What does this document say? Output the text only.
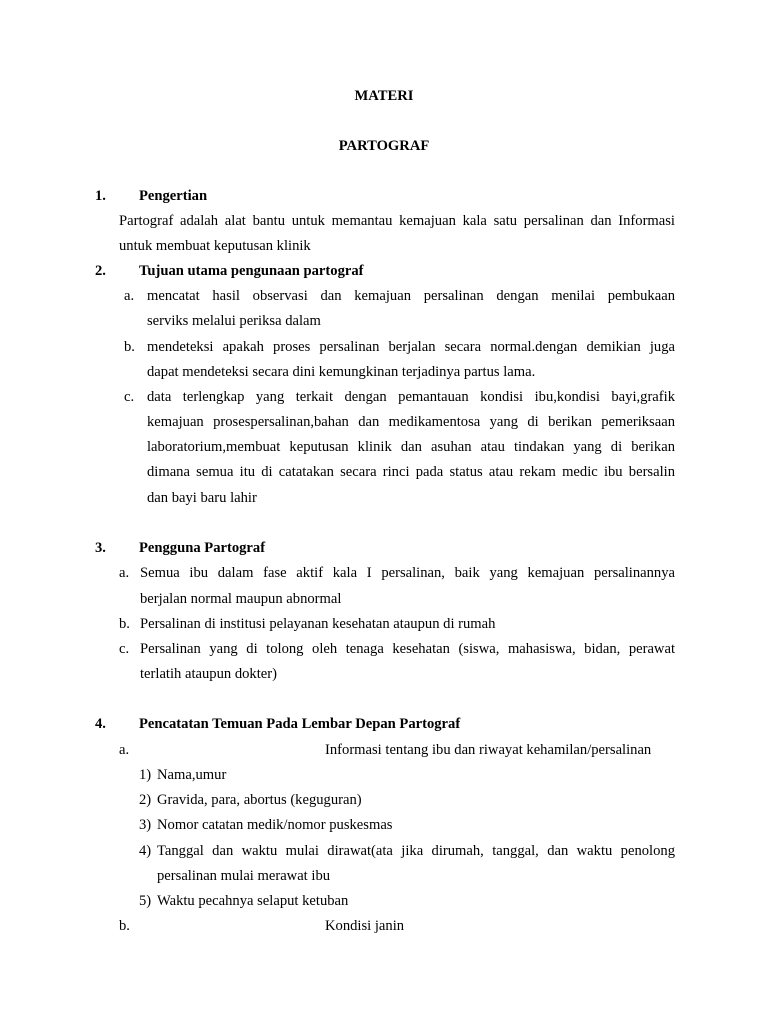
MATERI
PARTOGRAF
1. Pengertian
Partograf adalah alat bantu untuk memantau kemajuan kala satu persalinan dan Informasi
untuk membuat keputusan klinik
2. Tujuan utama pengunaan partograf
a. mencatat hasil observasi dan kemajuan persalinan dengan menilai pembukaan
serviks melalui periksa dalam
b. mendeteksi apakah proses persalinan berjalan secara normal.dengan demikian juga
dapat mendeteksi secara dini kemungkinan terjadinya partus lama.
c. data terlengkap yang terkait dengan pemantauan kondisi ibu,kondisi bayi,grafik
kemajuan prosespersalinan,bahan dan medikamentosa yang di berikan pemeriksaan
laboratorium,membuat keputusan klinik dan asuhan atau tindakan yang di berikan
dimana semua itu di catatakan secara rinci pada status atau rekam medic ibu bersalin
dan bayi baru lahir
3. Pengguna Partograf
a. Semua ibu dalam fase aktif kala I persalinan, baik yang kemajuan persalinannya
berjalan normal maupun abnormal
b. Persalinan di institusi pelayanan kesehatan ataupun di rumah
c. Persalinan yang di tolong oleh tenaga kesehatan (siswa, mahasiswa, bidan, perawat
terlatih ataupun dokter)
4. Pencatatan Temuan Pada Lembar Depan Partograf
a.	Informasi tentang ibu dan riwayat kehamilan/persalinan
1) Nama,umur
2) Gravida, para, abortus (keguguran)
3) Nomor catatan medik/nomor puskesmas
4) Tanggal dan waktu mulai dirawat(ata jika dirumah, tanggal, dan waktu penolong
persalinan mulai merawat ibu
5) Waktu pecahnya selaput ketuban
b.	Kondisi janin
